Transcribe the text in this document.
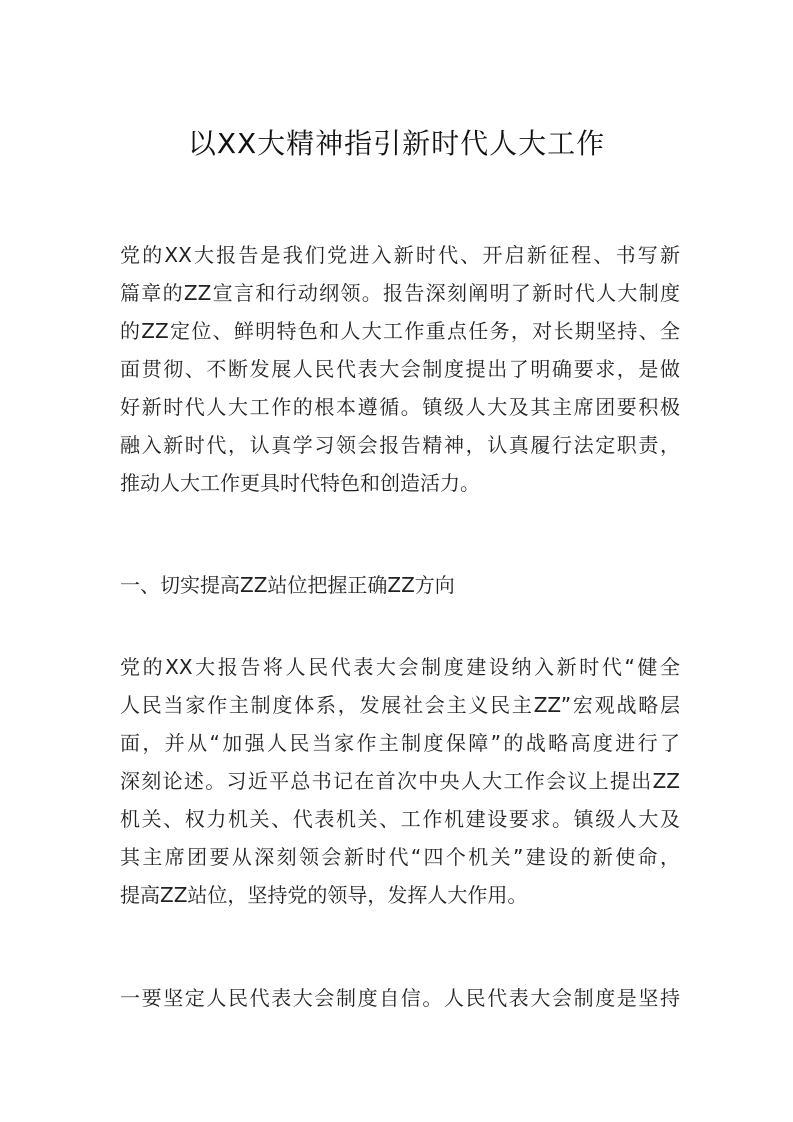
以XX大精神指引新时代人大工作
党的XX大报告是我们党进入新时代、开启新征程、书写新
篇章的ZZ宣言和行动纲领。报告深刻阐明了新时代人大制度
的ZZ定位、鲜明特色和人大工作重点任务，对长期坚持、全
面贯彻、不断发展人民代表大会制度提出了明确要求，是做
好新时代人大工作的根本遵循。镇级人大及其主席团要积极
融入新时代，认真学习领会报告精神，认真履行法定职责，
推动人大工作更具时代特色和创造活力。
一、切实提高ZZ站位把握正确ZZ方向
党的XX大报告将人民代表大会制度建设纳入新时代“健全
人民当家作主制度体系，发展社会主义民主ZZ”宏观战略层
面，并从“加强人民当家作主制度保障”的战略高度进行了
深刻论述。习近平总书记在首次中央人大工作会议上提出ZZ
机关、权力机关、代表机关、工作机建设要求。镇级人大及
其主席团要从深刻领会新时代“四个机关”建设的新使命，
提高ZZ站位，坚持党的领导，发挥人大作用。
一要坚定人民代表大会制度自信。人民代表大会制度是坚持
